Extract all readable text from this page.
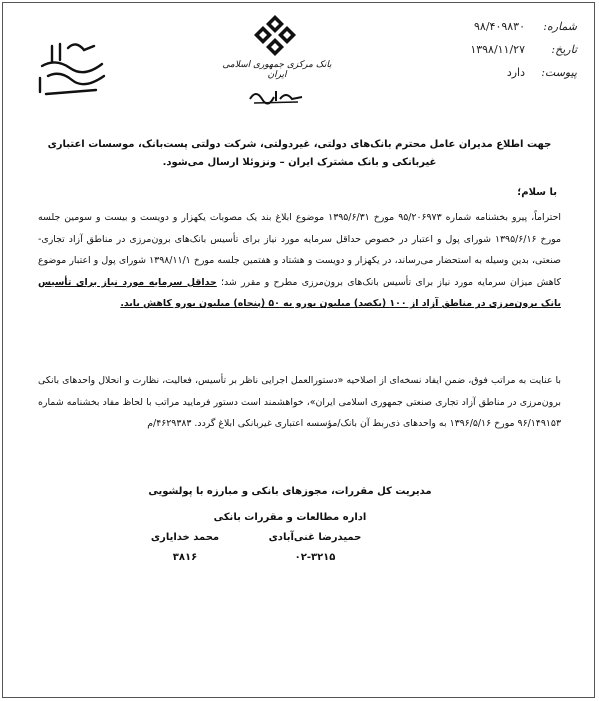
شماره:
۹۸/۴۰۹۸۳۰
تاریخ:
۱۳۹۸/۱۱/۲۷
پیوست:
دارد
بانک مرکزی جمهوری اسلامی ایران
جهت اطلاع مدیران عامل محترم بانک‌های دولتی، غیردولتی، شرکت دولتی پست‌بانک، موسسات اعتباری غیربانکی و بانک مشترک ایران – ونزوئلا ارسال می‌شود.
با سلام؛
احتراماً، پیرو بخشنامه شماره ۹۵/۲۰۶۹۷۳ مورخ ۱۳۹۵/۶/۳۱ موضوع ابلاغ بند یک مصوبات یکهزار و دویست و بیست و سومین جلسه مورخ ۱۳۹۵/۶/۱۶ شورای پول و اعتبار در خصوص حداقل سرمایه مورد نیاز برای تأسیس بانک‌های برون‌مرزی در مناطق آزاد تجاری-صنعتی، بدین وسیله به استحضار می‌رساند، در یکهزار و دویست و هشتاد و هفتمین جلسه مورخ ۱۳۹۸/۱۱/۱ شورای پول و اعتبار موضوع کاهش میزان سرمایه مورد نیاز برای تأسیس بانک‌های برون‌مرزی مطرح و مقرر شد؛ حداقل سرمایه مورد نیاز برای تأسیس بانک برون‌مرزی در مناطق آزاد از ۱۰۰ (یکصد) میلیون یورو به ۵۰ (پنجاه) میلیون یورو کاهش یابد.
با عنایت به مراتب فوق، ضمن ایفاد نسخه‌ای از اصلاحیه «دستورالعمل اجرایی ناظر بر تأسیس، فعالیت، نظارت و انحلال واحدهای بانکی برون‌مرزی در مناطق آزاد تجاری صنعتی جمهوری اسلامی ایران»، خواهشمند است دستور فرمایید مراتب با لحاظ مفاد بخشنامه شماره ۹۶/۱۴۹۱۵۳ مورخ ۱۳۹۶/۵/۱۶ به واحدهای ذی‌ربط آن بانک/مؤسسه اعتباری غیربانکی ابلاغ گردد. ۴۶۲۹۳۸۳/م
مدیریت کل مقررات، مجوزهای بانکی و مبارزه با پولشویی
اداره مطالعات و مقررات بانکی
حمیدرضا غنی‌آبادی
۰۲-۳۲۱۵
محمد خدایاری
۳۸۱۶
